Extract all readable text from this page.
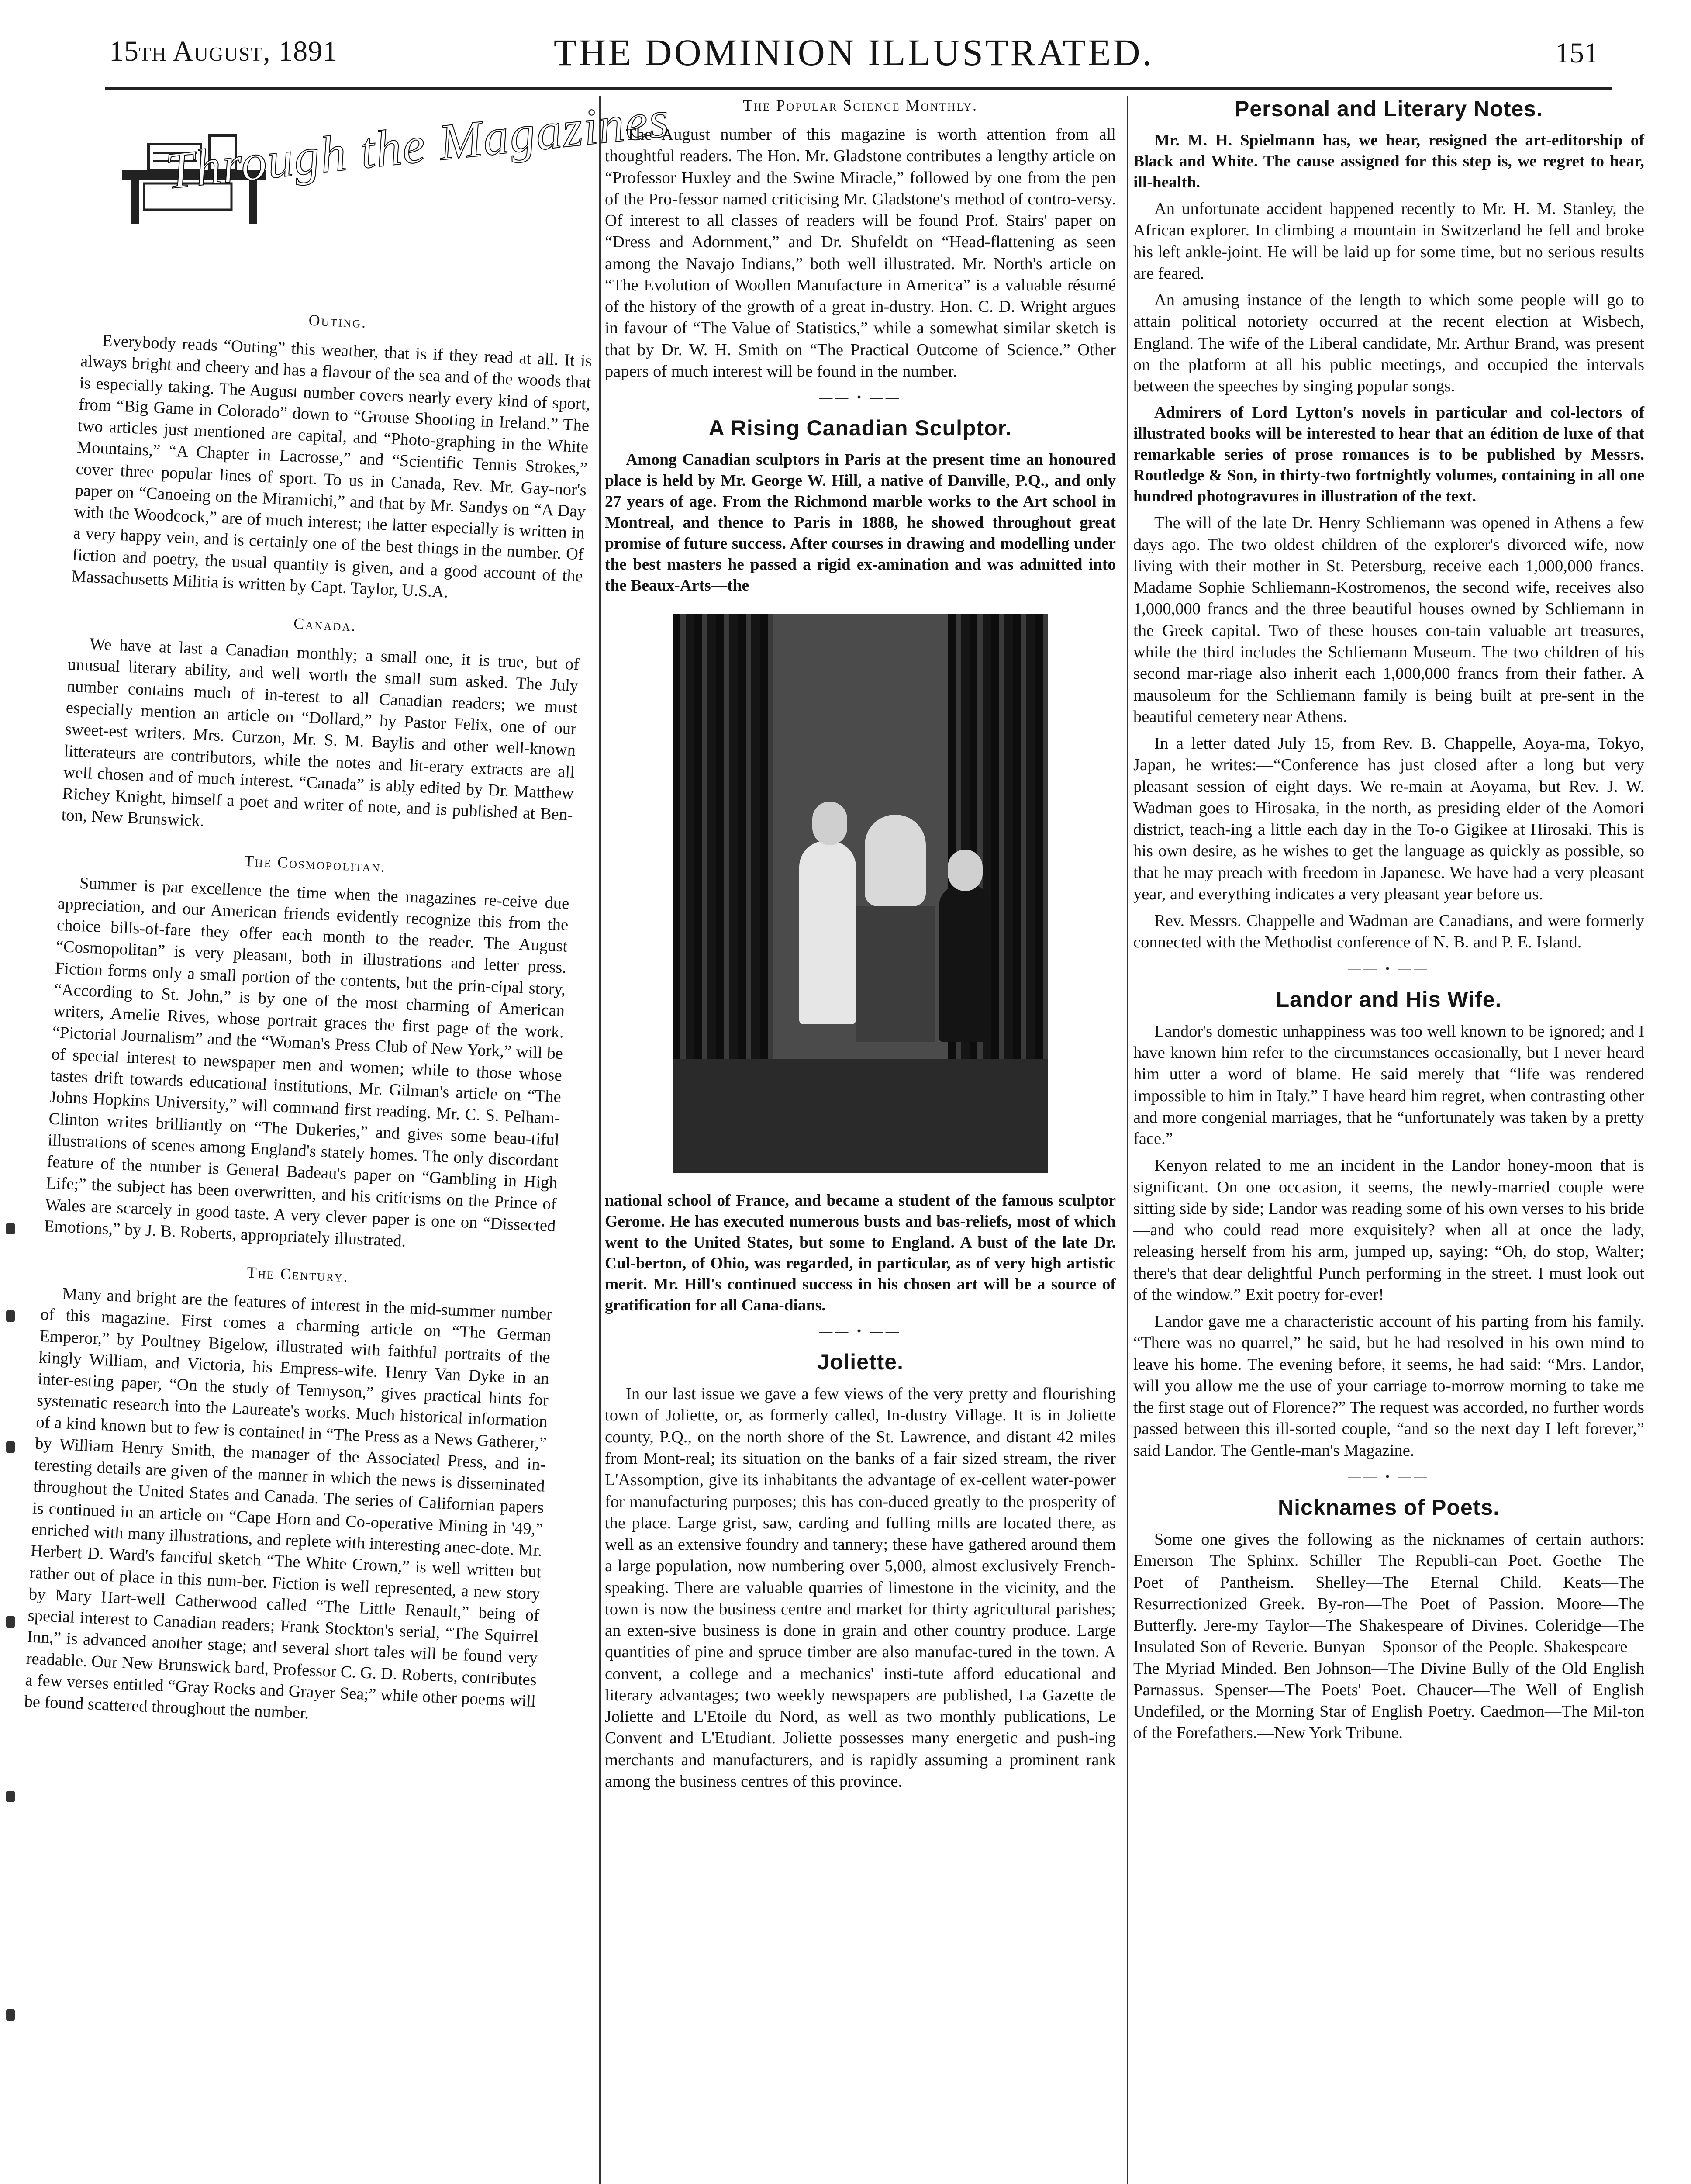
15th August, 1891	THE DOMINION ILLUSTRATED.	151
Through the Magazines
Outing.

Everybody reads “Outing” this weather, that is if they read at all. It is always bright and cheery and has a flavour of the sea and of the woods that is especially taking. The August number covers nearly every kind of sport, from “Big Game in Colorado” down to “Grouse Shooting in Ireland.” The two articles just mentioned are capital, and “Photo-graphing in the White Mountains,” “A Chapter in Lacrosse,” and “Scientific Tennis Strokes,” cover three popular lines of sport. To us in Canada, Rev. Mr. Gay-nor's paper on “Canoeing on the Miramichi,” and that by Mr. Sandys on “A Day with the Woodcock,” are of much interest; the latter especially is written in a very happy vein, and is certainly one of the best things in the number. Of fiction and poetry, the usual quantity is given, and a good account of the Massachusetts Militia is written by Capt. Taylor, U.S.A.

Canada.

We have at last a Canadian monthly; a small one, it is true, but of unusual literary ability, and well worth the small sum asked. The July number contains much of in-terest to all Canadian readers; we must especially mention an article on “Dollard,” by Pastor Felix, one of our sweet-est writers. Mrs. Curzon, Mr. S. M. Baylis and other well-known litterateurs are contributors, while the notes and lit-erary extracts are all well chosen and of much interest. “Canada” is ably edited by Dr. Matthew Richey Knight, himself a poet and writer of note, and is published at Ben-ton, New Brunswick.

The Cosmopolitan.

Summer is par excellence the time when the magazines re-ceive due appreciation, and our American friends evidently recognize this from the choice bills-of-fare they offer each month to the reader. The August “Cosmopolitan” is very pleasant, both in illustrations and letter press. Fiction forms only a small portion of the contents, but the prin-cipal story, “According to St. John,” is by one of the most charming of American writers, Amelie Rives, whose portrait graces the first page of the work. “Pictorial Journalism” and the “Woman's Press Club of New York,” will be of special interest to newspaper men and women; while to those whose tastes drift towards educational institutions, Mr. Gilman's article on “The Johns Hopkins University,” will command first reading. Mr. C. S. Pelham-Clinton writes brilliantly on “The Dukeries,” and gives some beau-tiful illustrations of scenes among England's stately homes. The only discordant feature of the number is General Badeau's paper on “Gambling in High Life;” the subject has been overwritten, and his criticisms on the Prince of Wales are scarcely in good taste. A very clever paper is one on “Dissected Emotions,” by J. B. Roberts, appropriately illustrated.

The Century.

Many and bright are the features of interest in the mid-summer number of this magazine. First comes a charming article on “The German Emperor,” by Poultney Bigelow, illustrated with faithful portraits of the kingly William, and Victoria, his Empress-wife. Henry Van Dyke in an inter-esting paper, “On the study of Tennyson,” gives practical hints for systematic research into the Laureate's works. Much historical information of a kind known but to few is contained in “The Press as a News Gatherer,” by William Henry Smith, the manager of the Associated Press, and in-teresting details are given of the manner in which the news is disseminated throughout the United States and Canada. The series of Californian papers is continued in an article on “Cape Horn and Co-operative Mining in '49,” enriched with many illustrations, and replete with interesting anec-dote. Mr. Herbert D. Ward's fanciful sketch “The White Crown,” is well written but rather out of place in this num-ber. Fiction is well represented, a new story by Mary Hart-well Catherwood called “The Little Renault,” being of special interest to Canadian readers; Frank Stockton's serial, “The Squirrel Inn,” is advanced another stage; and several short tales will be found very readable. Our New Brunswick bard, Professor C. G. D. Roberts, contributes a few verses entitled “Gray Rocks and Grayer Sea;” while other poems will be found scattered throughout the number.

The Popular Science Monthly.

The August number of this magazine is worth attention from all thoughtful readers. The Hon. Mr. Gladstone contributes a lengthy article on “Professor Huxley and the Swine Miracle,” followed by one from the pen of the Pro-fessor named criticising Mr. Gladstone's method of contro-versy. Of interest to all classes of readers will be found Prof. Stairs' paper on “Dress and Adornment,” and Dr. Shufeldt on “Head-flattening as seen among the Navajo Indians,” both well illustrated. Mr. North's article on “The Evolution of Woollen Manufacture in America” is a valuable résumé of the history of the growth of a great in-dustry. Hon. C. D. Wright argues in favour of “The Value of Statistics,” while a somewhat similar sketch is that by Dr. W. H. Smith on “The Practical Outcome of Science.” Other papers of much interest will be found in the number.

—— • ——
A Rising Canadian Sculptor.

Among Canadian sculptors in Paris at the present time an honoured place is held by Mr. George W. Hill, a native of Danville, P.Q., and only 27 years of age. From the Richmond marble works to the Art school in Montreal, and thence to Paris in 1888, he showed throughout great promise of future success. After courses in drawing and modelling under the best masters he passed a rigid ex-amination and was admitted into the Beaux-Arts—the

national school of France, and became a student of the famous sculptor Gerome. He has executed numerous busts and bas-reliefs, most of which went to the United States, but some to England. A bust of the late Dr. Cul-berton, of Ohio, was regarded, in particular, as of very high artistic merit. Mr. Hill's continued success in his chosen art will be a source of gratification for all Cana-dians.

—— • ——
Joliette.

In our last issue we gave a few views of the very pretty and flourishing town of Joliette, or, as formerly called, In-dustry Village. It is in Joliette county, P.Q., on the north shore of the St. Lawrence, and distant 42 miles from Mont-real; its situation on the banks of a fair sized stream, the river L'Assomption, give its inhabitants the advantage of ex-cellent water-power for manufacturing purposes; this has con-duced greatly to the prosperity of the place. Large grist, saw, carding and fulling mills are located there, as well as an extensive foundry and tannery; these have gathered around them a large population, now numbering over 5,000, almost exclusively French-speaking. There are valuable quarries of limestone in the vicinity, and the town is now the business centre and market for thirty agricultural parishes; an exten-sive business is done in grain and other country produce. Large quantities of pine and spruce timber are also manufac-tured in the town. A convent, a college and a mechanics' insti-tute afford educational and literary advantages; two weekly newspapers are published, La Gazette de Joliette and L'Etoile du Nord, as well as two monthly publications, Le Convent and L'Etudiant. Joliette possesses many energetic and push-ing merchants and manufacturers, and is rapidly assuming a prominent rank among the business centres of this province.

Personal and Literary Notes.

Mr. M. H. Spielmann has, we hear, resigned the art-editorship of Black and White. The cause assigned for this step is, we regret to hear, ill-health.

An unfortunate accident happened recently to Mr. H. M. Stanley, the African explorer. In climbing a mountain in Switzerland he fell and broke his left ankle-joint. He will be laid up for some time, but no serious results are feared.

An amusing instance of the length to which some people will go to attain political notoriety occurred at the recent election at Wisbech, England. The wife of the Liberal candidate, Mr. Arthur Brand, was present on the platform at all his public meetings, and occupied the intervals between the speeches by singing popular songs.

Admirers of Lord Lytton's novels in particular and col-lectors of illustrated books will be interested to hear that an édition de luxe of that remarkable series of prose romances is to be published by Messrs. Routledge & Son, in thirty-two fortnightly volumes, containing in all one hundred photogravures in illustration of the text.

The will of the late Dr. Henry Schliemann was opened in Athens a few days ago. The two oldest children of the explorer's divorced wife, now living with their mother in St. Petersburg, receive each 1,000,000 francs. Madame Sophie Schliemann-Kostromenos, the second wife, receives also 1,000,000 francs and the three beautiful houses owned by Schliemann in the Greek capital. Two of these houses con-tain valuable art treasures, while the third includes the Schliemann Museum. The two children of his second mar-riage also inherit each 1,000,000 francs from their father. A mausoleum for the Schliemann family is being built at pre-sent in the beautiful cemetery near Athens.

In a letter dated July 15, from Rev. B. Chappelle, Aoya-ma, Tokyo, Japan, he writes:—“Conference has just closed after a long but very pleasant session of eight days. We re-main at Aoyama, but Rev. J. W. Wadman goes to Hirosaka, in the north, as presiding elder of the Aomori district, teach-ing a little each day in the To-o Gigikee at Hirosaki. This is his own desire, as he wishes to get the language as quickly as possible, so that he may preach with freedom in Japanese. We have had a very pleasant year, and everything indicates a very pleasant year before us.

Rev. Messrs. Chappelle and Wadman are Canadians, and were formerly connected with the Methodist conference of N. B. and P. E. Island.

—— • ——
Landor and His Wife.

Landor's domestic unhappiness was too well known to be ignored; and I have known him refer to the circumstances occasionally, but I never heard him utter a word of blame. He said merely that “life was rendered impossible to him in Italy.” I have heard him regret, when contrasting other and more congenial marriages, that he “unfortunately was taken by a pretty face.”

Kenyon related to me an incident in the Landor honey-moon that is significant. On one occasion, it seems, the newly-married couple were sitting side by side; Landor was reading some of his own verses to his bride—and who could read more exquisitely? when all at once the lady, releasing herself from his arm, jumped up, saying: “Oh, do stop, Walter; there's that dear delightful Punch performing in the street. I must look out of the window.” Exit poetry for-ever!

Landor gave me a characteristic account of his parting from his family. “There was no quarrel,” he said, but he had resolved in his own mind to leave his home. The evening before, it seems, he had said: “Mrs. Landor, will you allow me the use of your carriage to-morrow morning to take me the first stage out of Florence?” The request was accorded, no further words passed between this ill-sorted couple, “and so the next day I left forever,” said Landor. The Gentle-man's Magazine.

—— • ——
Nicknames of Poets.

Some one gives the following as the nicknames of certain authors: Emerson—The Sphinx. Schiller—The Republi-can Poet. Goethe—The Poet of Pantheism. Shelley—The Eternal Child. Keats—The Resurrectionized Greek. By-ron—The Poet of Passion. Moore—The Butterfly. Jere-my Taylor—The Shakespeare of Divines. Coleridge—The Insulated Son of Reverie. Bunyan—Sponsor of the People. Shakespeare—The Myriad Minded. Ben Johnson—The Divine Bully of the Old English Parnassus. Spenser—The Poets' Poet. Chaucer—The Well of English Undefiled, or the Morning Star of English Poetry. Caedmon—The Mil-ton of the Forefathers.—New York Tribune.
